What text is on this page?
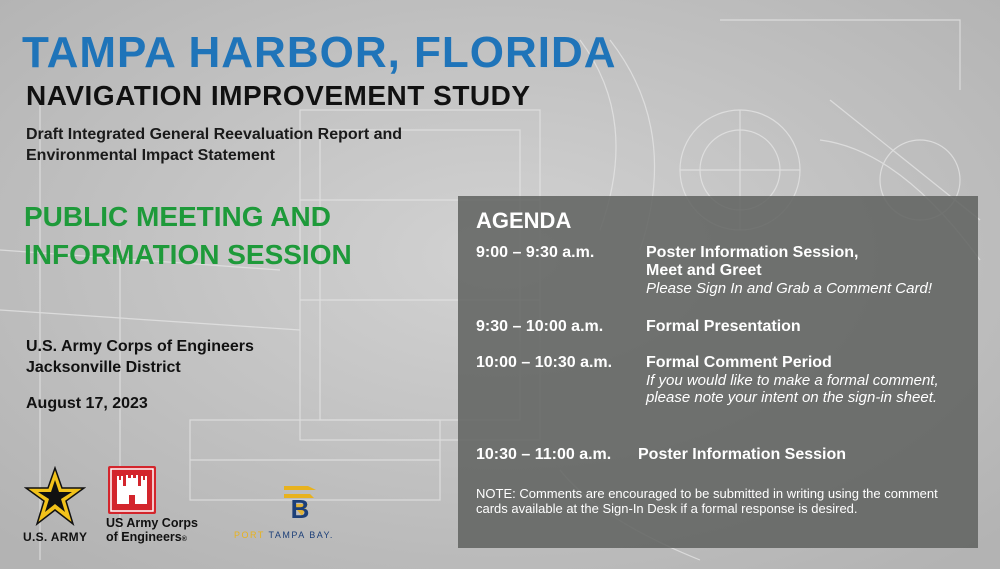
TAMPA HARBOR, FLORIDA
NAVIGATION IMPROVEMENT STUDY
Draft Integrated General Reevaluation Report and
Environmental Impact Statement
PUBLIC MEETING AND
INFORMATION SESSION
U.S. Army Corps of Engineers
Jacksonville District
August 17, 2023
AGENDA
9:00 – 9:30 a.m.	Poster Information Session,
Meet and Greet
Please Sign In and Grab a Comment Card!
9:30 – 10:00 a.m.	Formal Presentation
10:00 – 10:30 a.m. Formal Comment Period
If you would like to make a formal comment, please note your intent on the sign-in sheet.
10:30 – 11:00 a.m. Poster Information Session
NOTE: Comments are encouraged to be submitted in writing using the comment cards available at the Sign-In Desk if a formal response is desired.
U.S. ARMY
US Army Corps
of Engineers®
B
PORT TAMPA BAY.
